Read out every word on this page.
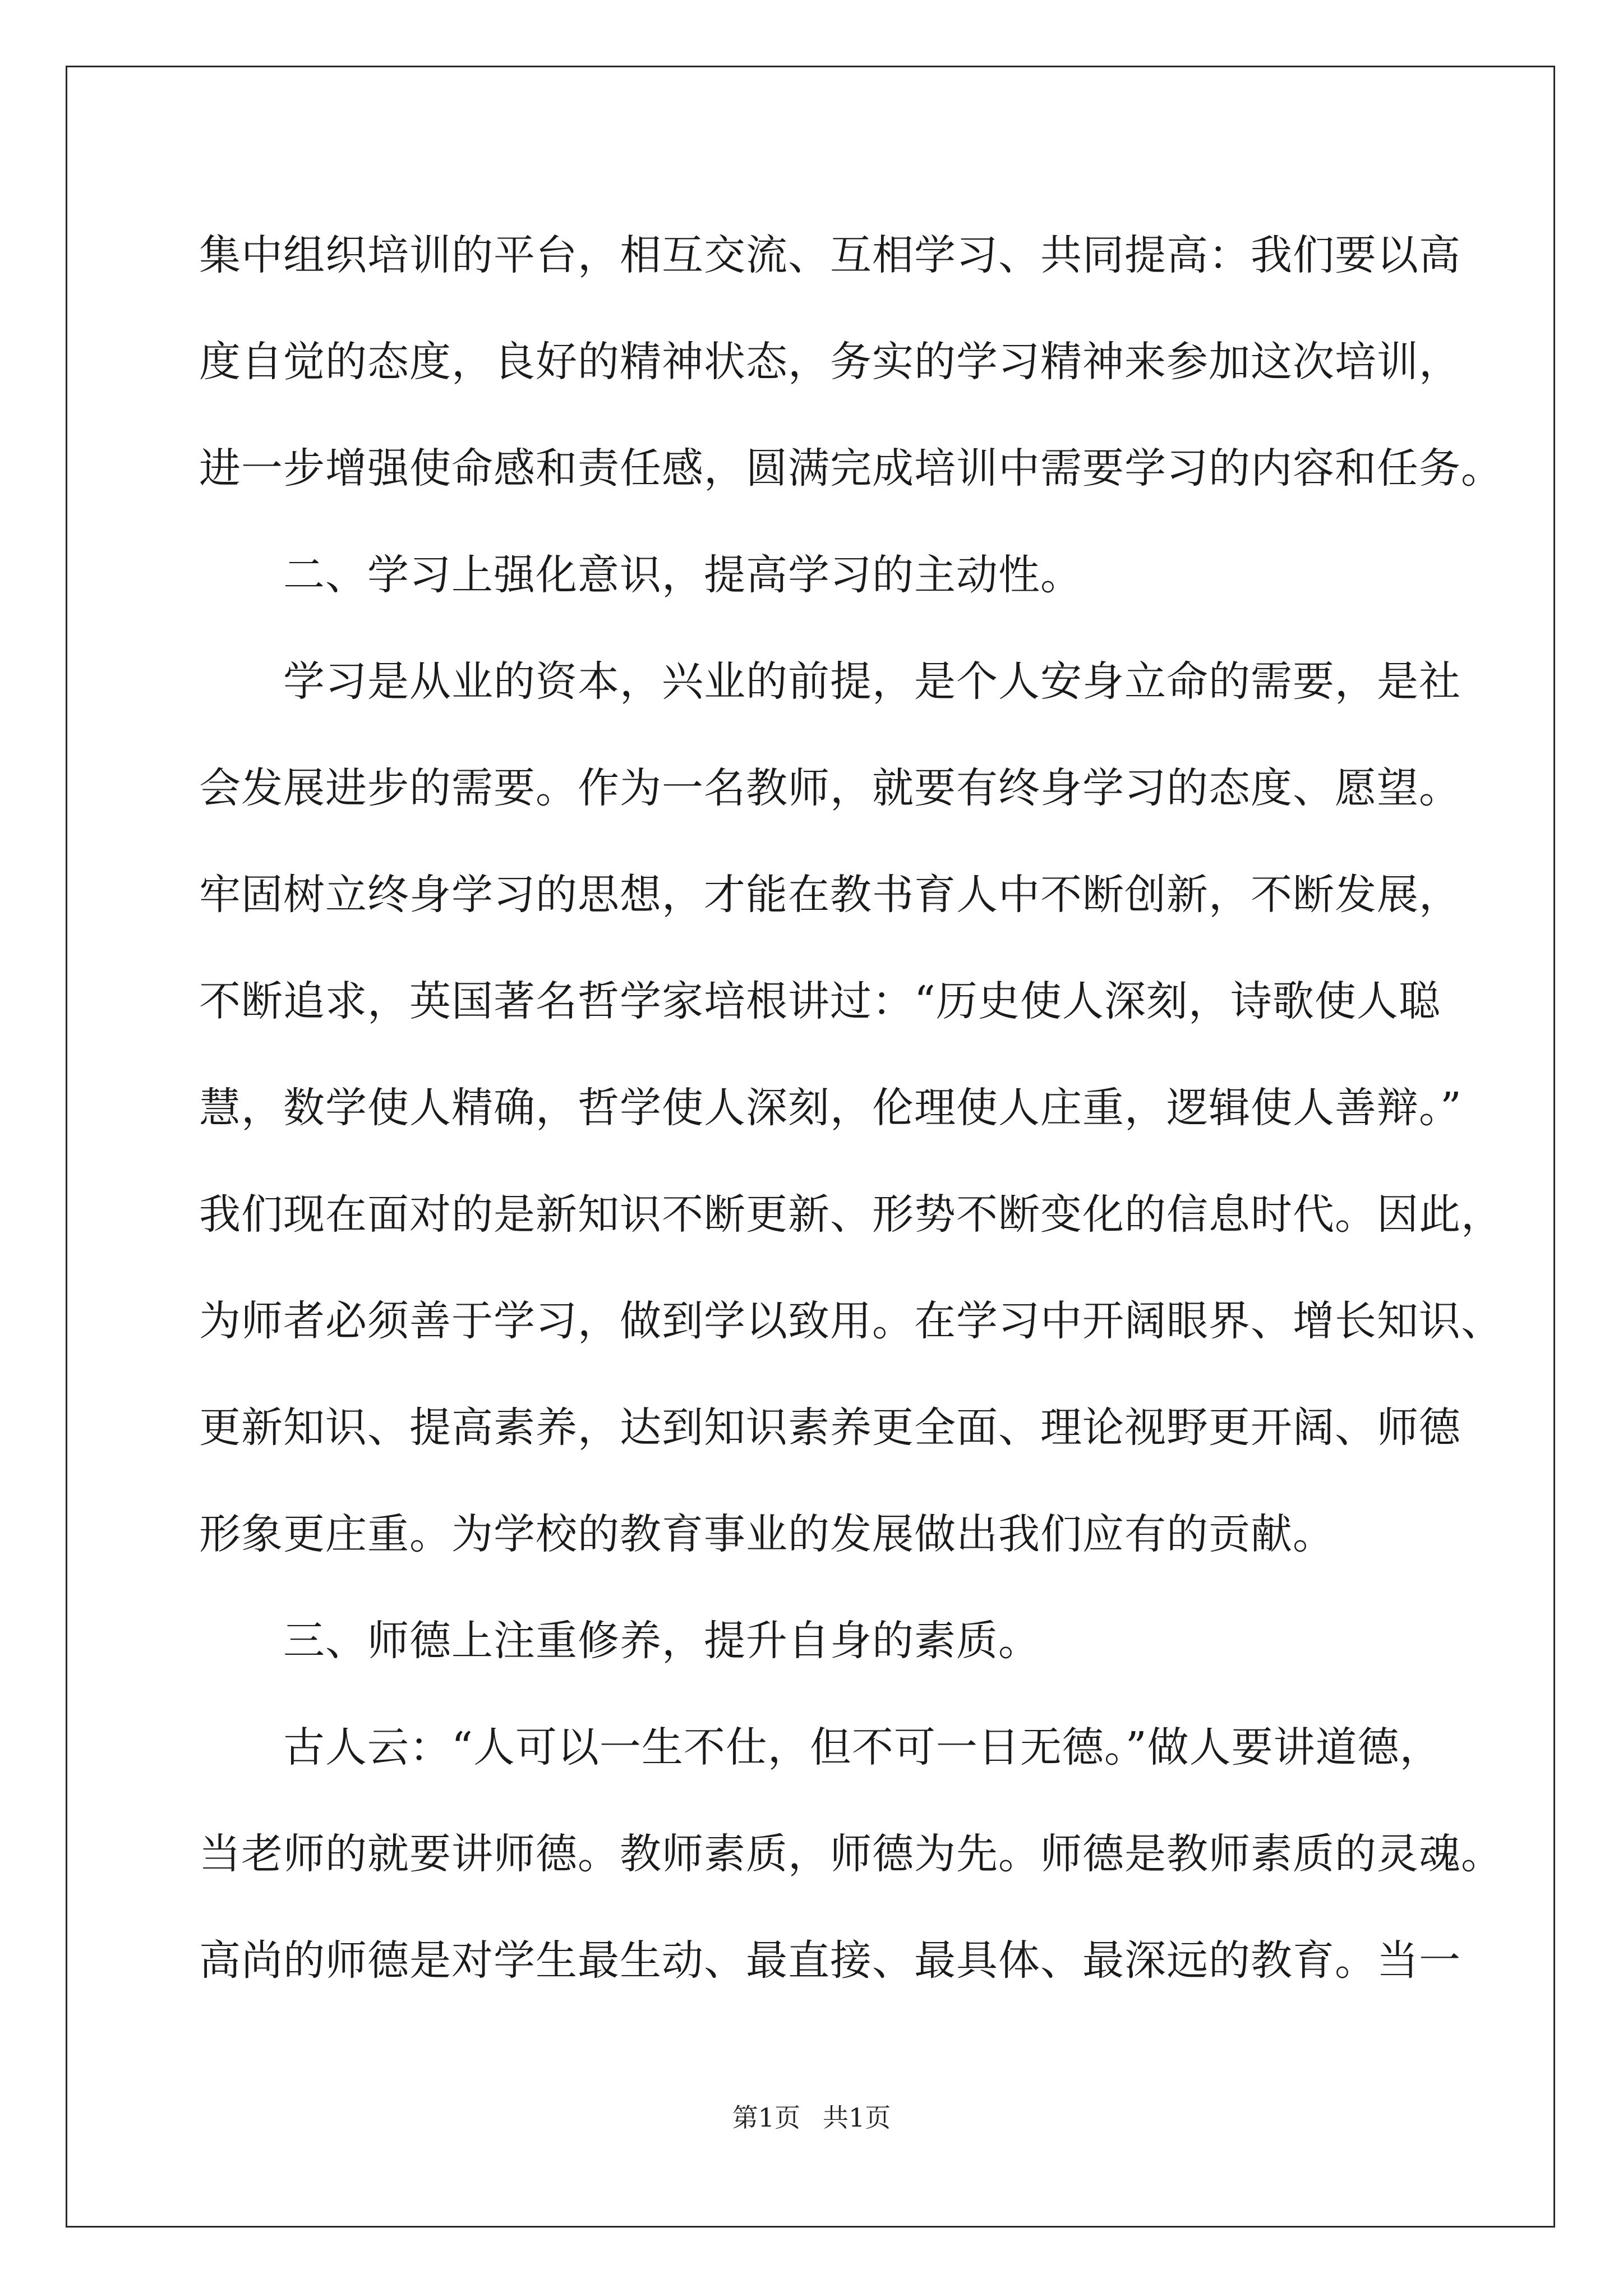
集中组织培训的平台，相互交流、互相学习、共同提高：我们要以高
度自觉的态度，良好的精神状态，务实的学习精神来参加这次培训，
进一步增强使命感和责任感，圆满完成培训中需要学习的内容和任务。
二、学习上强化意识，提高学习的主动性。
学习是从业的资本，兴业的前提，是个人安身立命的需要，是社
会发展进步的需要。作为一名教师，就要有终身学习的态度、愿望。
牢固树立终身学习的思想，才能在教书育人中不断创新，不断发展，
不断追求，英国著名哲学家培根讲过：“历史使人深刻，诗歌使人聪
慧，数学使人精确，哲学使人深刻，伦理使人庄重，逻辑使人善辩。”
我们现在面对的是新知识不断更新、形势不断变化的信息时代。因此，
为师者必须善于学习，做到学以致用。在学习中开阔眼界、增长知识、
更新知识、提高素养，达到知识素养更全面、理论视野更开阔、师德
形象更庄重。为学校的教育事业的发展做出我们应有的贡献。
三、师德上注重修养，提升自身的素质。
古人云：“人可以一生不仕，但不可一日无德。”做人要讲道德，
当老师的就要讲师德。教师素质，师德为先。师德是教师素质的灵魂。
高尚的师德是对学生最生动、最直接、最具体、最深远的教育。当一
第1页 共1页
